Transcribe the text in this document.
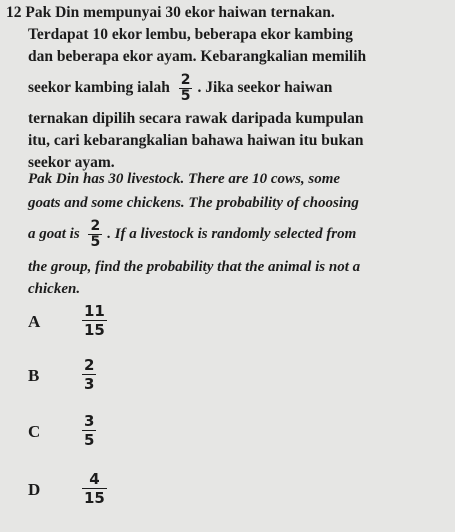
12 Pak Din mempunyai 30 ekor haiwan ternakan.
Terdapat 10 ekor lembu, beberapa ekor kambing
dan beberapa ekor ayam. Kebarangkalian memilih
seekor kambing ialah $\frac{2}{5}$ . Jika seekor haiwan
ternakan dipilih secara rawak daripada kumpulan
itu, cari kebarangkalian bahawa haiwan itu bukan
seekor ayam.
Pak Din has 30 livestock. There are 10 cows, some
goats and some chickens. The probability of choosing
a goat is $\frac{2}{5}$ . If a livestock is randomly selected from
the group, find the probability that the animal is not a
chicken.
A
11
15
B
2
3
C
3
5
D
4
15
